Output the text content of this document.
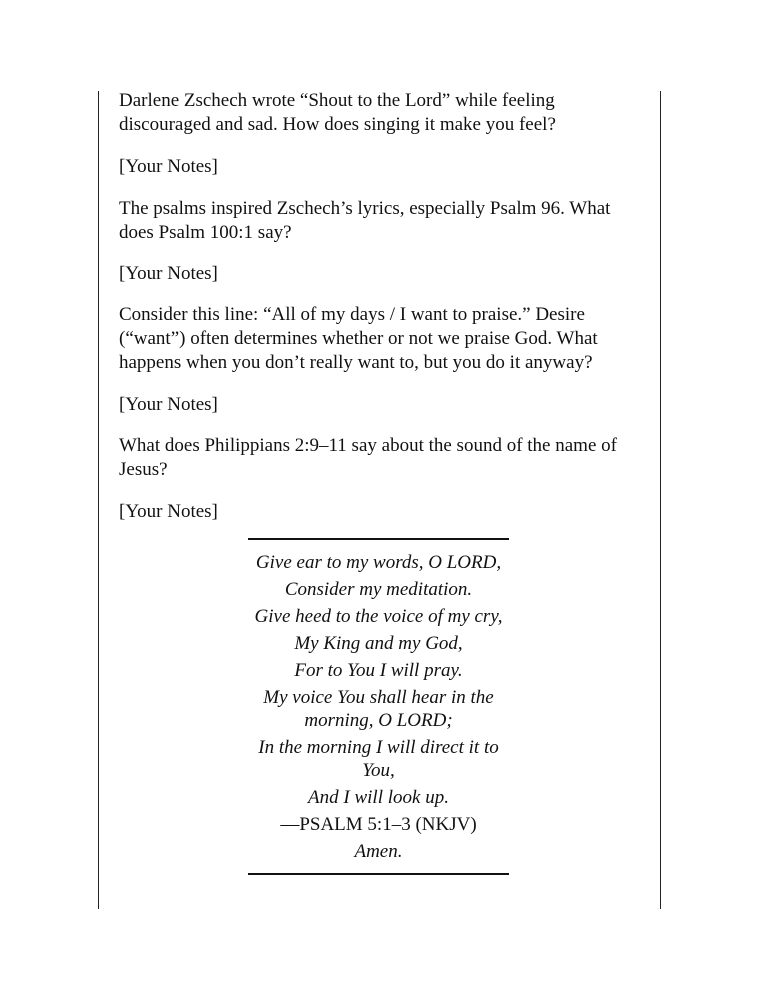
Darlene Zschech wrote “Shout to the Lord” while feeling discouraged and sad. How does singing it make you feel?

[Your Notes]

The psalms inspired Zschech’s lyrics, especially Psalm 96. What does Psalm 100:1 say?

[Your Notes]

Consider this line: “All of my days / I want to praise.” Desire (“want”) often determines whether or not we praise God. What happens when you don’t really want to, but you do it anyway?

[Your Notes]

What does Philippians 2:9–11 say about the sound of the name of Jesus?

[Your Notes]

Give ear to my words, O LORD,
Consider my meditation.
Give heed to the voice of my cry,
My King and my God,
For to You I will pray.
My voice You shall hear in the morning, O LORD;
In the morning I will direct it to You,
And I will look up.
—PSALM 5:1–3 (NKJV)
Amen.
